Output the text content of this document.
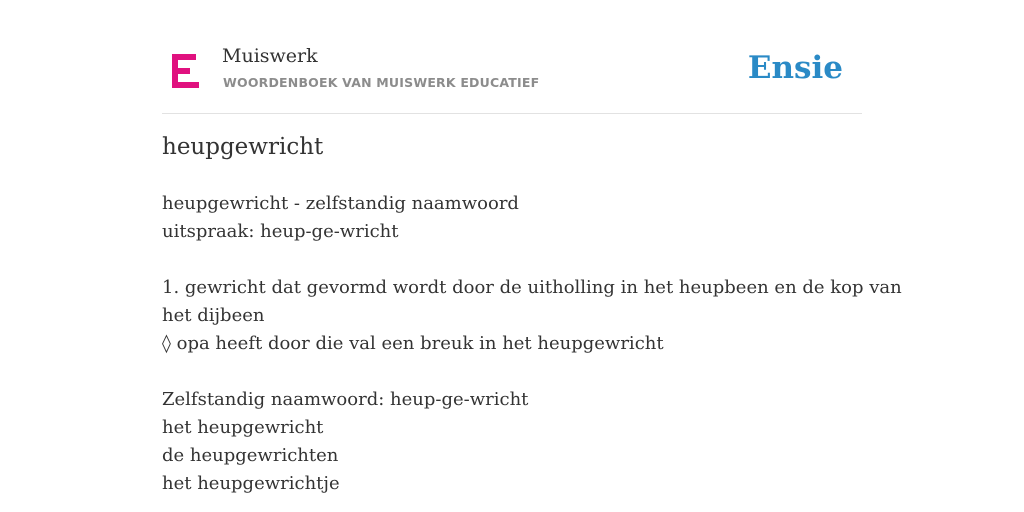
Muiswerk
WOORDENBOEK VAN MUISWERK EDUCATIEF	Ensie
heupgewricht
heupgewricht - zelfstandig naamwoord
uitspraak: heup-ge-wricht
1. gewricht dat gevormd wordt door de uitholling in het heupbeen en de kop van
het dijbeen
◊ opa heeft door die val een breuk in het heupgewricht
Zelfstandig naamwoord: heup-ge-wricht
het heupgewricht
de heupgewrichten
het heupgewrichtje
